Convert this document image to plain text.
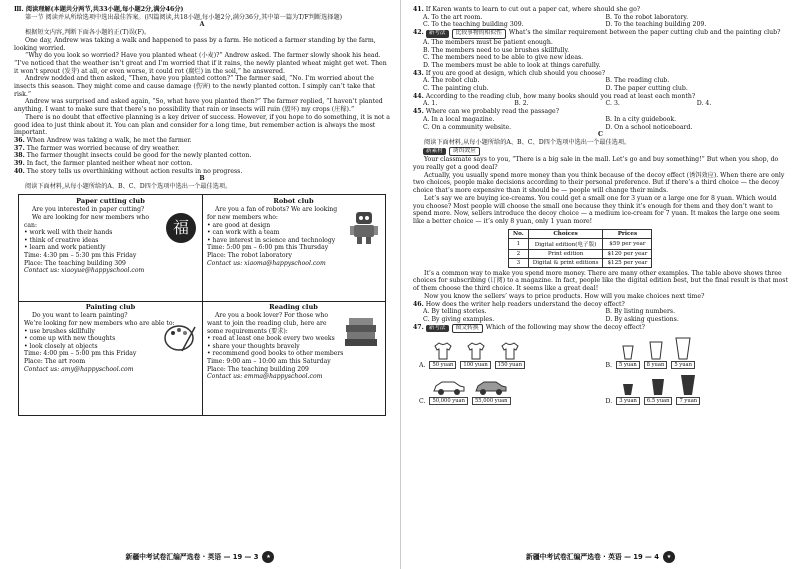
Ⅲ. 阅读理解(本题共分两节,共33小题,每小题2分,满分46分)

第一节 阅读并从所给选项中选出最佳答案。(四篇阅读,共18小题,每小题2分,满分36分,其中第一篇为T/F判断选择题)

A

根据短文内容,判断下面各小题的正(T)误(F)。

One day, Andrew was taking a walk and happened to pass by a farm. He noticed a farmer standing by the farm, looking worried.

“Why do you look so worried? Have you planted wheat (小麦)?” Andrew asked. The farmer slowly shook his head. “I’ve noticed that the weather isn’t great and I’m worried that if it rains, the newly planted wheat might get wet. Then it won’t sprout (发芽) at all, or even worse, it could rot (腐烂) in the soil,” he answered.

Andrew nodded and then asked, “Then, have you planted cotton?” The farmer said, “No. I’m worried about the insects this season. They might come and cause damage (伤害) to the newly planted cotton. I simply can’t take that risk.”

Andrew was surprised and asked again, “So, what have you planted then?” The farmer replied, “I haven’t planted anything. I want to make sure that there’s no possibility that rain or insects will ruin (毁坏) my crops (庄稼).”

There is no doubt that effective planning is a key driver of success. However, if you hope to do something, it is not a good idea to just think about it. You can plan and consider for a long time, but remember action is always the most important.

36. When Andrew was taking a walk, he met the farmer.

37. The farmer was worried because of dry weather.

38. The farmer thought insects could be good for the newly planted cotton.

39. In fact, the farmer planted neither wheat nor cotton.

40. The story tells us overthinking without action results in no progress.

B

阅读下面材料,从每小题所给的A、B、C、D四个选项中选出一个最佳选项。

Paper cutting club
福

Are you interested in paper cutting?

We are looking for new members who can:

• work well with their hands

• think of creative ideas

• learn and work patiently

Time: 4:30 pm – 5:30 pm this Friday

Place: The teaching building 309

Contact us: xiaoyue@happyschool.com

Robot club

Are you a fan of robots? We are looking for new members who:

• are good at design

• can work with a team

• have interest in science and technology

Time: 5:00 pm – 6:00 pm this Thursday

Place: The robot laboratory

Contact us: xiaoma@happyschool.com

Painting club

Do you want to learn painting?

We’re looking for new members who are able to:

• use brushes skillfully

• come up with new thoughts

• look closely at objects

Time: 4:00 pm – 5:00 pm this Friday

Place: The art room

Contact us: amy@happyschool.com

Reading club

Are you a book lover? For those who want to join the reading club, here are some requirements (要求):

• read at least one book every two weeks

• share your thoughts bravely

• recommend good books to other members

Time: 9:00 am – 10:00 am this Saturday

Place: The teaching building 209

Contact us: emma@happyschool.com

新疆中考试卷汇编严选卷 · 英语 — 19 — 3 ★

41. If Karen wants to learn to cut out a paper cat, where should she go?

A. To the art room.	B. To the robot laboratory.
C. To the teaching building 309.	D. To the teaching building 209.

42. 新考法 比较事物的相似性 What’s the similar requirement between the paper cutting club and the painting club?

A. The members must be patient enough.
B. The members need to use brushes skillfully.
C. The members need to be able to give new ideas.
D. The members must be able to look at things carefully.

43. If you are good at design, which club should you choose?

A. The robot club.	B. The reading club.
C. The painting club.	D. The paper cutting club.

44. According to the reading club, how many books should you read at least each month?

A. 1.	B. 2.	C. 3.	D. 4.

45. Where can we probably read the passage?

A. In a local magazine.	B. In a city guidebook.
C. On a community website.	D. On a school noticeboard.

C

阅读下面材料,从每小题所给的A、B、C、D四个选项中选出一个最佳选项。

新素材 诱饵效应

Your classmate says to you, “There is a big sale in the mall. Let’s go and buy something!” But when you shop, do you really get a good deal?

Actually, you usually spend more money than you think because of the decoy effect (诱饵效应). When there are only two choices, people make decisions according to their personal preference. But if there’s a third choice — the decoy choice that’s more expensive than it should be — people will change their minds.

Let’s say we are buying ice-creams. You could get a small one for 3 yuan or a large one for 8 yuan. Which would you choose? Most people will choose the small one because they think it’s enough for them and they don’t want to spend more. Now, sellers introduce the decoy choice — a medium ice-cream for 7 yuan. It makes the large one seem like a better choice — it’s only 8 yuan, only 1 yuan more!

No.	Choices	Prices
1	Digital edition(电子版)	$59 per year
2	Print edition	$120 per year
3	Digital & print editions	$125 per year

It’s a common way to make you spend more money. There are many other examples. The table above shows three choices for subscribing (订阅) to a magazine. In fact, people like the digital edition best, but the final result is that most of them choose the third choice. It seems like a great deal!

Now you know the sellers’ ways to price products. How will you make choices next time?

46. How does the writer help readers understand the decoy effect?

A. By telling stories.	B. By listing numbers.
C. By giving examples.	D. By asking questions.

47. 新考法 图文转换 Which of the following may show the decoy effect?

A.	50 yuan	100 yuan	150 yuan	B.	5 yuan	8 yuan	5 yuan
C.	50,000 yuan	55,000 yuan	D.	3 yuan	6.5 yuan	7 yuan
新疆中考试卷汇编严选卷 · 英语 — 19 — 4 ★
